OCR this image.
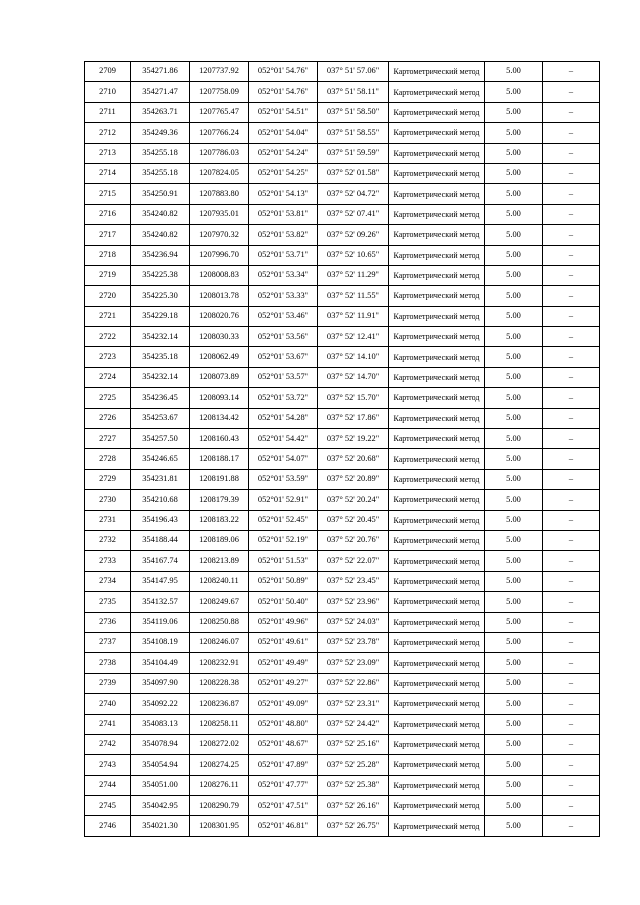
2709	354271.86	1207737.92	052°01' 54.76"	037° 51' 57.06"	Картометрический метод	5.00	–
2710	354271.47	1207758.09	052°01' 54.76"	037° 51' 58.11"	Картометрический метод	5.00	–
2711	354263.71	1207765.47	052°01' 54.51"	037° 51' 58.50"	Картометрический метод	5.00	–
2712	354249.36	1207766.24	052°01' 54.04"	037° 51' 58.55"	Картометрический метод	5.00	–
2713	354255.18	1207786.03	052°01' 54.24"	037° 51' 59.59"	Картометрический метод	5.00	–
2714	354255.18	1207824.05	052°01' 54.25"	037° 52' 01.58"	Картометрический метод	5.00	–
2715	354250.91	1207883.80	052°01' 54.13"	037° 52' 04.72"	Картометрический метод	5.00	–
2716	354240.82	1207935.01	052°01' 53.81"	037° 52' 07.41"	Картометрический метод	5.00	–
2717	354240.82	1207970.32	052°01' 53.82"	037° 52' 09.26"	Картометрический метод	5.00	–
2718	354236.94	1207996.70	052°01' 53.71"	037° 52' 10.65"	Картометрический метод	5.00	–
2719	354225.38	1208008.83	052°01' 53.34"	037° 52' 11.29"	Картометрический метод	5.00	–
2720	354225.30	1208013.78	052°01' 53.33"	037° 52' 11.55"	Картометрический метод	5.00	–
2721	354229.18	1208020.76	052°01' 53.46"	037° 52' 11.91"	Картометрический метод	5.00	–
2722	354232.14	1208030.33	052°01' 53.56"	037° 52' 12.41"	Картометрический метод	5.00	–
2723	354235.18	1208062.49	052°01' 53.67"	037° 52' 14.10"	Картометрический метод	5.00	–
2724	354232.14	1208073.89	052°01' 53.57"	037° 52' 14.70"	Картометрический метод	5.00	–
2725	354236.45	1208093.14	052°01' 53.72"	037° 52' 15.70"	Картометрический метод	5.00	–
2726	354253.67	1208134.42	052°01' 54.28"	037° 52' 17.86"	Картометрический метод	5.00	–
2727	354257.50	1208160.43	052°01' 54.42"	037° 52' 19.22"	Картометрический метод	5.00	–
2728	354246.65	1208188.17	052°01' 54.07"	037° 52' 20.68"	Картометрический метод	5.00	–
2729	354231.81	1208191.88	052°01' 53.59"	037° 52' 20.89"	Картометрический метод	5.00	–
2730	354210.68	1208179.39	052°01' 52.91"	037° 52' 20.24"	Картометрический метод	5.00	–
2731	354196.43	1208183.22	052°01' 52.45"	037° 52' 20.45"	Картометрический метод	5.00	–
2732	354188.44	1208189.06	052°01' 52.19"	037° 52' 20.76"	Картометрический метод	5.00	–
2733	354167.74	1208213.89	052°01' 51.53"	037° 52' 22.07"	Картометрический метод	5.00	–
2734	354147.95	1208240.11	052°01' 50.89"	037° 52' 23.45"	Картометрический метод	5.00	–
2735	354132.57	1208249.67	052°01' 50.40"	037° 52' 23.96"	Картометрический метод	5.00	–
2736	354119.06	1208250.88	052°01' 49.96"	037° 52' 24.03"	Картометрический метод	5.00	–
2737	354108.19	1208246.07	052°01' 49.61"	037° 52' 23.78"	Картометрический метод	5.00	–
2738	354104.49	1208232.91	052°01' 49.49"	037° 52' 23.09"	Картометрический метод	5.00	–
2739	354097.90	1208228.38	052°01' 49.27"	037° 52' 22.86"	Картометрический метод	5.00	–
2740	354092.22	1208236.87	052°01' 49.09"	037° 52' 23.31"	Картометрический метод	5.00	–
2741	354083.13	1208258.11	052°01' 48.80"	037° 52' 24.42"	Картометрический метод	5.00	–
2742	354078.94	1208272.02	052°01' 48.67"	037° 52' 25.16"	Картометрический метод	5.00	–
2743	354054.94	1208274.25	052°01' 47.89"	037° 52' 25.28"	Картометрический метод	5.00	–
2744	354051.00	1208276.11	052°01' 47.77"	037° 52' 25.38"	Картометрический метод	5.00	–
2745	354042.95	1208290.79	052°01' 47.51"	037° 52' 26.16"	Картометрический метод	5.00	–
2746	354021.30	1208301.95	052°01' 46.81"	037° 52' 26.75"	Картометрический метод	5.00	–
